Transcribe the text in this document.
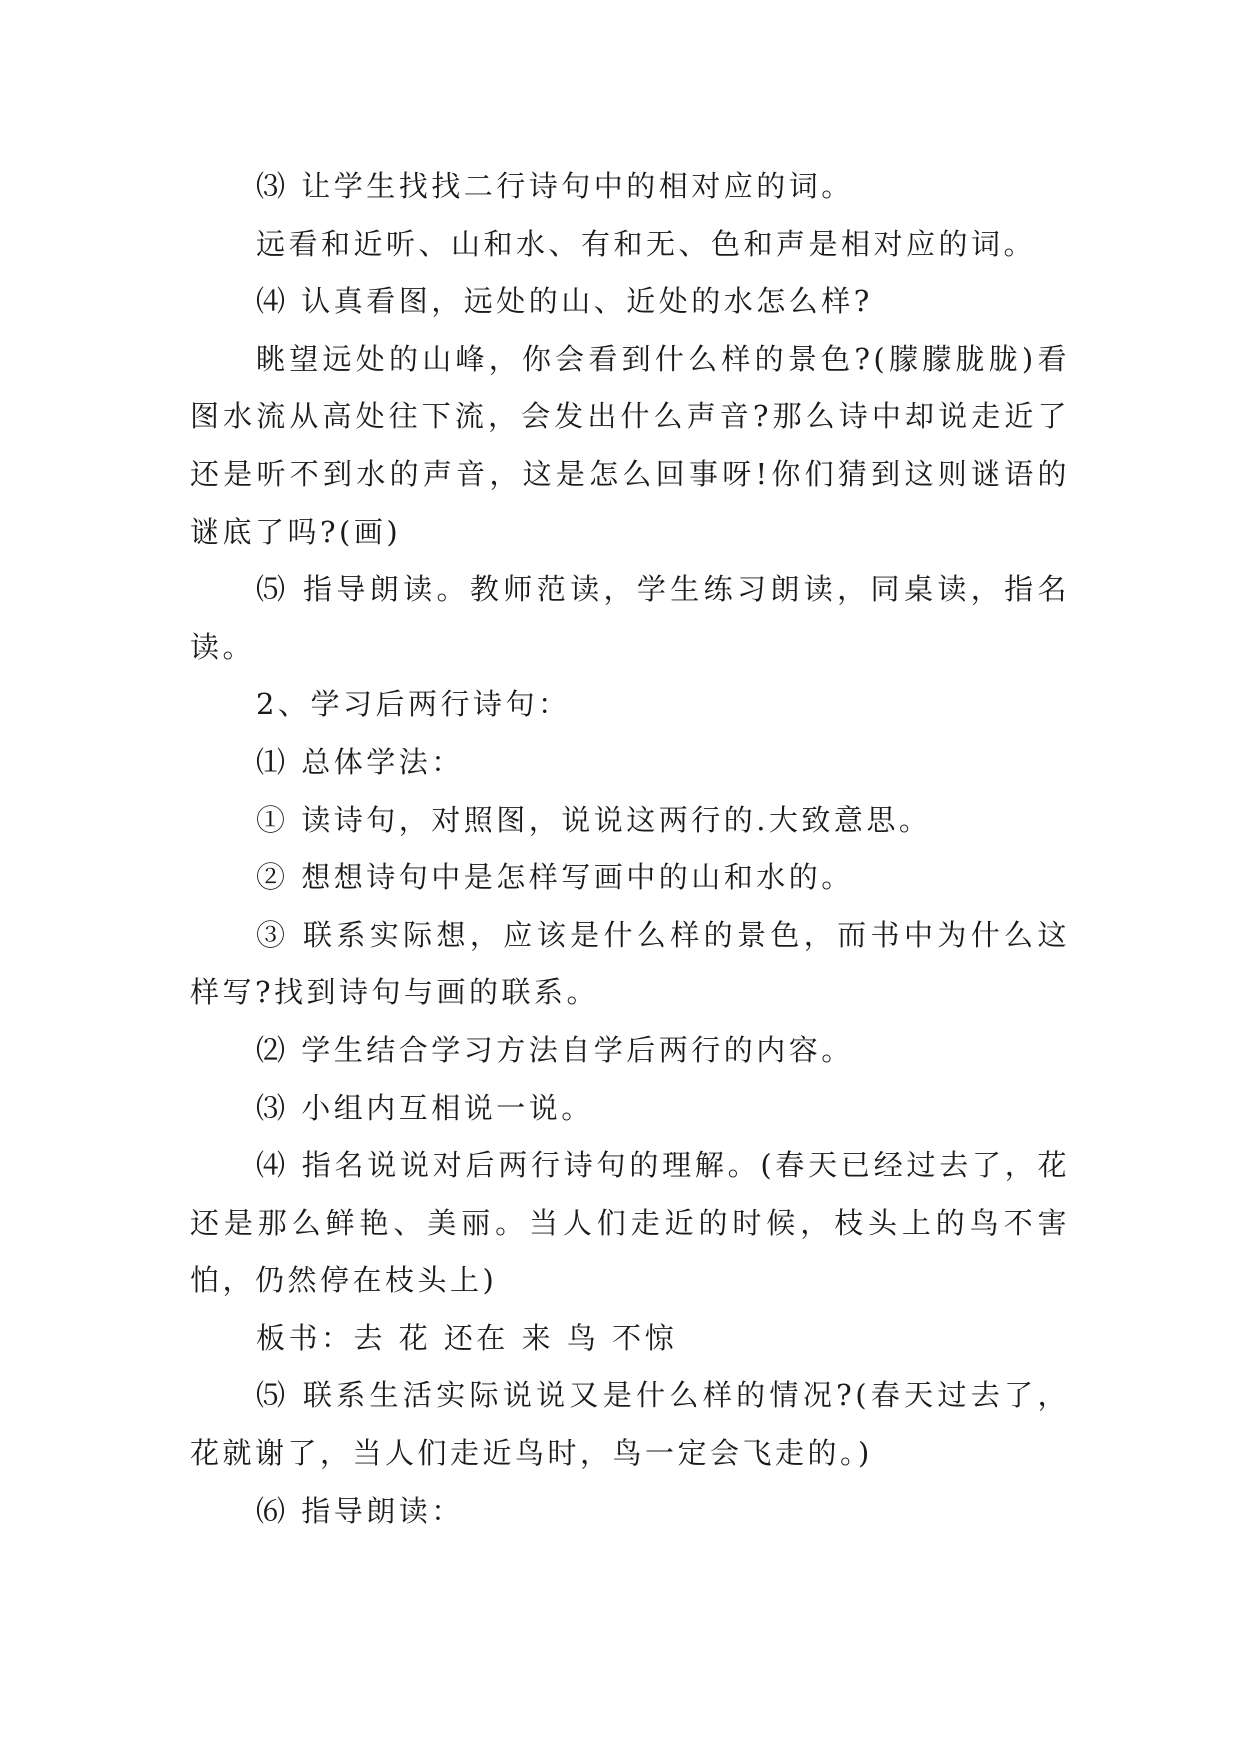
⑶ 让学生找找二行诗句中的相对应的词。

远看和近听、山和水、有和无、色和声是相对应的词。

⑷ 认真看图，远处的山、近处的水怎么样?

眺望远处的山峰，你会看到什么样的景色?(朦朦胧胧)看图水流从高处往下流，会发出什么声音?那么诗中却说走近了还是听不到水的声音，这是怎么回事呀!你们猜到这则谜语的谜底了吗?(画)

⑸ 指导朗读。教师范读，学生练习朗读，同桌读，指名读。

2、学习后两行诗句：

⑴ 总体学法：

① 读诗句，对照图，说说这两行的.大致意思。

② 想想诗句中是怎样写画中的山和水的。

③ 联系实际想，应该是什么样的景色，而书中为什么这样写?找到诗句与画的联系。

⑵ 学生结合学习方法自学后两行的内容。

⑶ 小组内互相说一说。

⑷ 指名说说对后两行诗句的理解。(春天已经过去了，花还是那么鲜艳、美丽。当人们走近的时候，枝头上的鸟不害怕，仍然停在枝头上)

板书：去 花 还在 来 鸟 不惊

⑸ 联系生活实际说说又是什么样的情况?(春天过去了，花就谢了，当人们走近鸟时，鸟一定会飞走的。)

⑹ 指导朗读：
